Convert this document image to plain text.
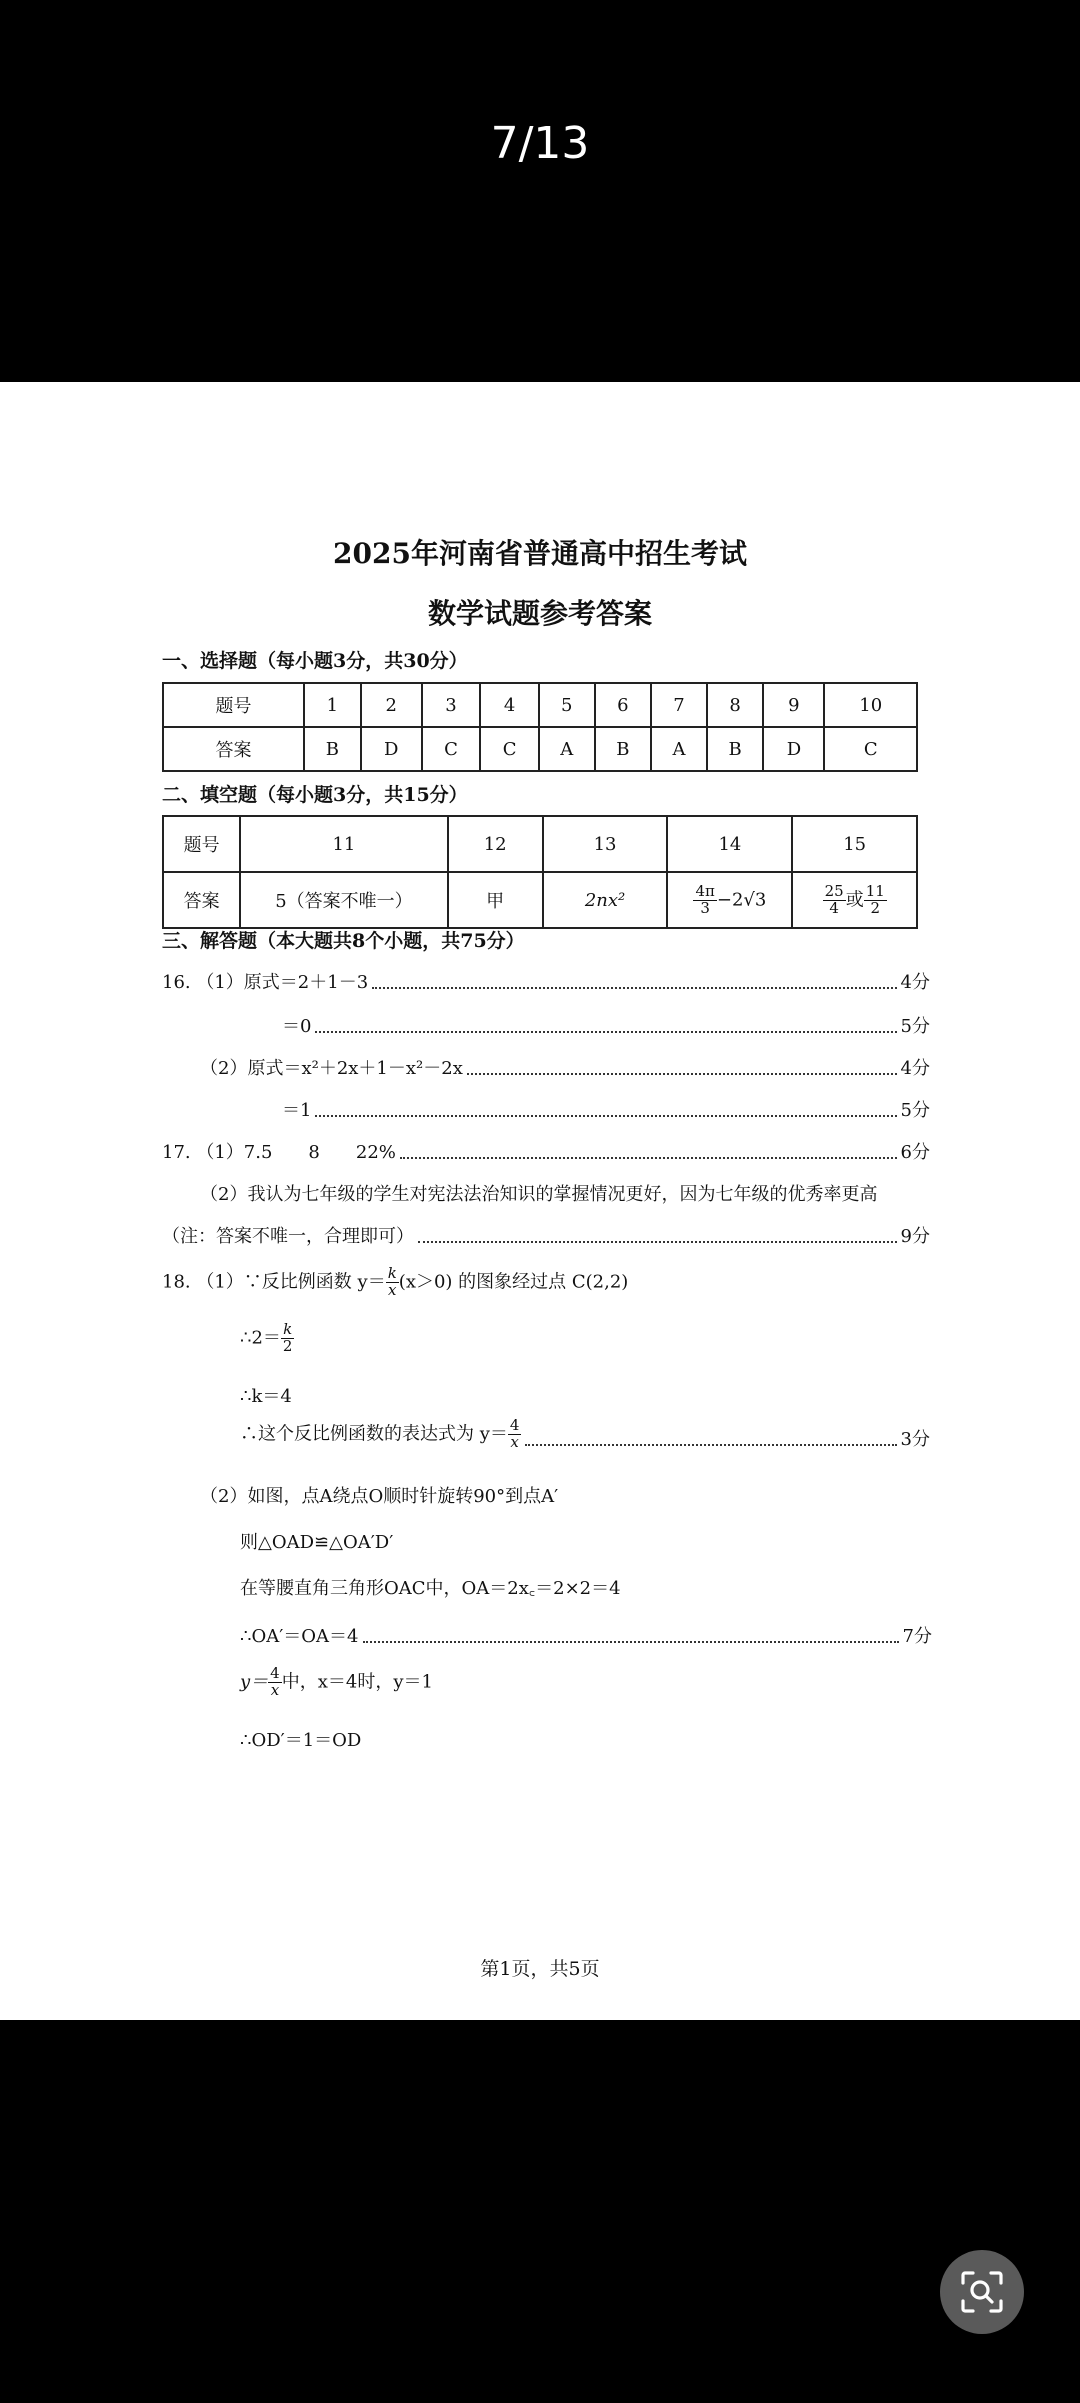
7/13
2025年河南省普通高中招生考试
数学试题参考答案
一、选择题（每小题3分，共30分）
题号	1	2	3	4	5	6	7	8	9	10
答案	B	D	C	C	A	B	A	B	D	C
二、填空题（每小题3分，共15分）
题号	11	12	13	14	15
答案	5（答案不唯一）	甲	2nx²	$\frac{4\pi}{3} -2√3$	$\frac{25}{4}$ 或 $\frac{11}{2}$
三、解答题（本大题共8个小题，共75分）
16. （1）原式＝2＋1－3	4分
＝0	5分
（2）原式＝x²＋2x＋1－x²－2x	4分
＝1	5分
17. （1）7.5　　8　　22%	6分
（2）我认为七年级的学生对宪法法治知识的掌握情况更好，因为七年级的优秀率更高
（注：答案不唯一，合理即可）	9分
18. （1）∵反比例函数 $y= \frac{k}{x} (x>0)$ 的图象经过点 C(2,2)
∴2＝ $\frac{k}{2}$
∴k＝4
∴这个反比例函数的表达式为 $y= \frac{4}{x}$	3分
（2）如图，点A绕点O顺时针旋转90°到点A′
则△OAD≌△OA′D′
在等腰直角三角形OAC中，OA＝2x꜀＝2×2＝4
∴OA′＝OA＝4	7分
$y= \frac{4}{x}$ 中，x＝4时，y＝1
∴OD′＝1＝OD
第1页，共5页
